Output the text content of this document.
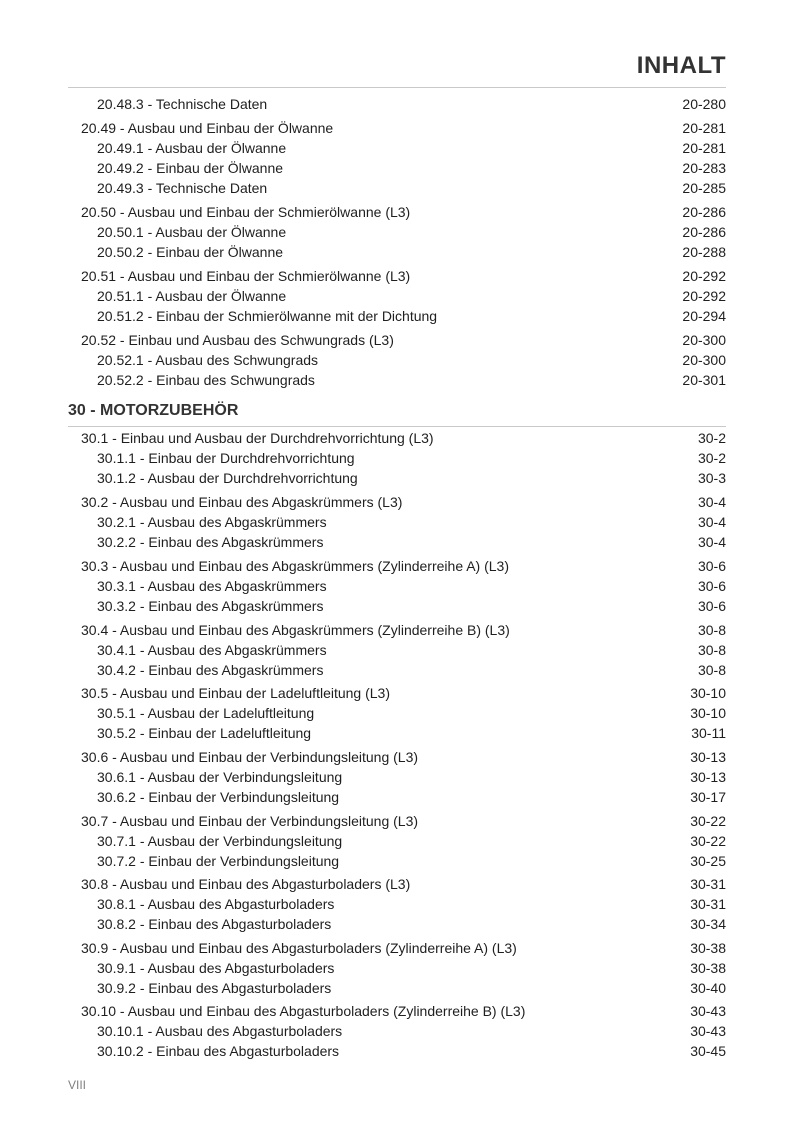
INHALT
30 - MOTORZUBEHÖR
20.48.3 - Technische Daten	20-280
20.49 - Ausbau und Einbau der Ölwanne	20-281
20.49.1 - Ausbau der Ölwanne	20-281
20.49.2 - Einbau der Ölwanne	20-283
20.49.3 - Technische Daten	20-285
20.50 - Ausbau und Einbau der Schmierölwanne (L3)	20-286
20.50.1 - Ausbau der Ölwanne	20-286
20.50.2 - Einbau der Ölwanne	20-288
20.51 - Ausbau und Einbau der Schmierölwanne (L3)	20-292
20.51.1 - Ausbau der Ölwanne	20-292
20.51.2 - Einbau der Schmierölwanne mit der Dichtung	20-294
20.52 - Einbau und Ausbau des Schwungrads (L3)	20-300
20.52.1 - Ausbau des Schwungrads	20-300
20.52.2 - Einbau des Schwungrads	20-301
30.1 - Einbau und Ausbau der Durchdrehvorrichtung (L3)	30-2
30.1.1 - Einbau der Durchdrehvorrichtung	30-2
30.1.2 - Ausbau der Durchdrehvorrichtung	30-3
30.2 - Ausbau und Einbau des Abgaskrümmers (L3)	30-4
30.2.1 - Ausbau des Abgaskrümmers	30-4
30.2.2 - Einbau des Abgaskrümmers	30-4
30.3 - Ausbau und Einbau des Abgaskrümmers (Zylinderreihe A) (L3)	30-6
30.3.1 - Ausbau des Abgaskrümmers	30-6
30.3.2 - Einbau des Abgaskrümmers	30-6
30.4 - Ausbau und Einbau des Abgaskrümmers (Zylinderreihe B) (L3)	30-8
30.4.1 - Ausbau des Abgaskrümmers	30-8
30.4.2 - Einbau des Abgaskrümmers	30-8
30.5 - Ausbau und Einbau der Ladeluftleitung (L3)	30-10
30.5.1 - Ausbau der Ladeluftleitung	30-10
30.5.2 - Einbau der Ladeluftleitung	30-11
30.6 - Ausbau und Einbau der Verbindungsleitung (L3)	30-13
30.6.1 - Ausbau der Verbindungsleitung	30-13
30.6.2 - Einbau der Verbindungsleitung	30-17
30.7 - Ausbau und Einbau der Verbindungsleitung (L3)	30-22
30.7.1 - Ausbau der Verbindungsleitung	30-22
30.7.2 - Einbau der Verbindungsleitung	30-25
30.8 - Ausbau und Einbau des Abgasturboladers (L3)	30-31
30.8.1 - Ausbau des Abgasturboladers	30-31
30.8.2 - Einbau des Abgasturboladers	30-34
30.9 - Ausbau und Einbau des Abgasturboladers (Zylinderreihe A) (L3)	30-38
30.9.1 - Ausbau des Abgasturboladers	30-38
30.9.2 - Einbau des Abgasturboladers	30-40
30.10 - Ausbau und Einbau des Abgasturboladers (Zylinderreihe B) (L3)	30-43
30.10.1 - Ausbau des Abgasturboladers	30-43
30.10.2 - Einbau des Abgasturboladers	30-45
VIII
